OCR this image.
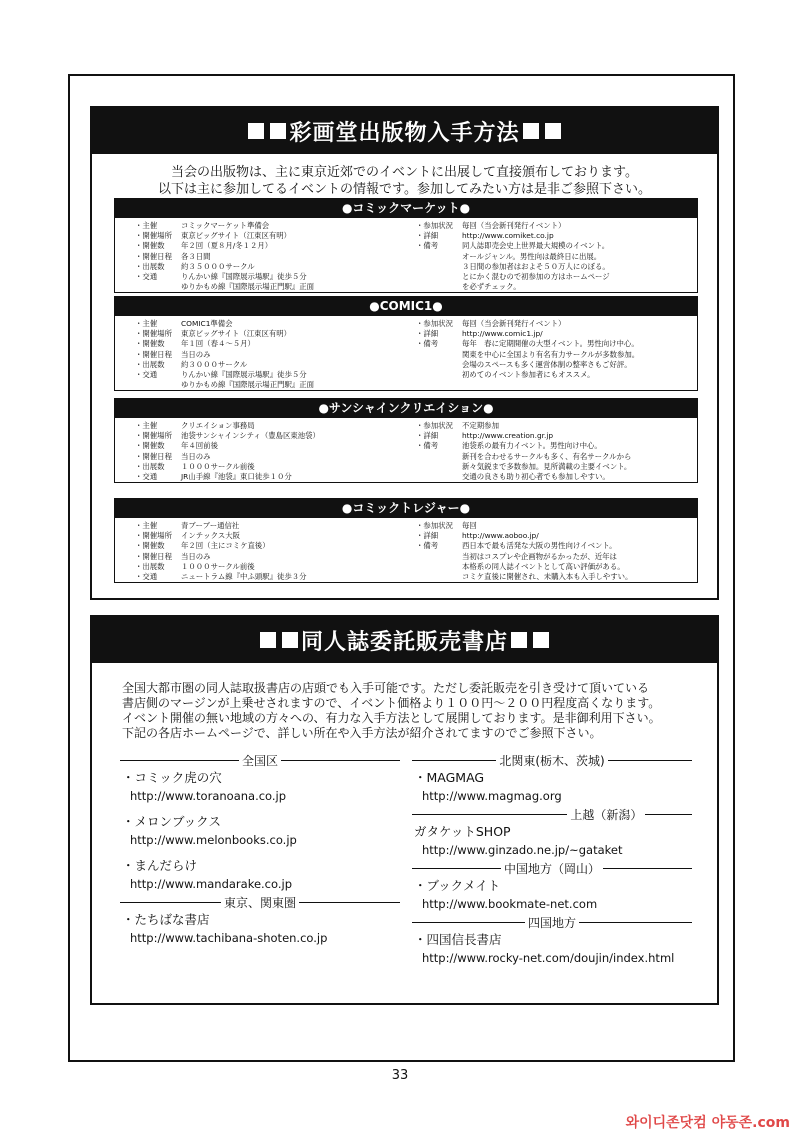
彩画堂出版物入手方法
当会の出版物は、主に東京近郊でのイベントに出展して直接頒布しております。
以下は主に参加してるイベントの情報です。参加してみたい方は是非ご参照下さい。
●コミックマーケット●
・主催	コミックマーケット準備会
・開催場所	東京ビッグサイト（江東区有明）
・開催数	年２回（夏８月/冬１２月）
・開催日程	各３日間
・出展数	約３５０００サークル
・交通	りんかい線『国際展示場駅』徒歩５分
ゆりかもめ線『国際展示場正門駅』正面
・参加状況	毎回（当会新刊発行イベント）
・詳細	http://www.comiket.co.jp
・備考	同人誌即売会史上世界最大規模のイベント。
オールジャンル。男性向は最終日に出展。
３日間の参加者はおよそ５０万人にのぼる。
とにかく混むので初参加の方はホームページ
を必ずチェック。
●COMIC1●
・主催	COMIC1準備会
・開催場所	東京ビッグサイト（江東区有明）
・開催数	年１回（春４～５月）
・開催日程	当日のみ
・出展数	約３０００サークル
・交通	りんかい線『国際展示場駅』徒歩５分
ゆりかもめ線『国際展示場正門駅』正面
・参加状況	毎回（当会新刊発行イベント）
・詳細	http://www.comic1.jp/
・備考	毎年　春に定期開催の大型イベント。男性向け中心。
関東を中心に全国より有名有力サークルが多数参加。
会場のスペースも多く運営体制の整率さもご好評。
初めてのイベント参加者にもオススメ。
●サンシャインクリエイション●
・主催	クリエイション事務局
・開催場所	池袋サンシャインシティ（豊島区東池袋）
・開催数	年４回前後
・開催日程	当日のみ
・出展数	１０００サークル前後
・交通	JR山手線『池袋』東口徒歩１０分
・参加状況	不定期参加
・詳細	http://www.creation.gr.jp
・備考	池袋系の最有力イベント。男性向け中心。
新刊を合わせるサークルも多く、有名サークルから
新々気鋭まで多数参加。見所満載の主要イベント。
交通の良さも助り初心者でも参加しやすい。
●コミックトレジャー●
・主催	青ブーブー通信社
・開催場所	インテックス大阪
・開催数	年２回（主にコミケ直後）
・開催日程	当日のみ
・出展数	１０００サークル前後
・交通	ニュートラム線『中ふ頭駅』徒歩３分
・参加状況	毎回
・詳細	http://www.aoboo.jp/
・備考	西日本で最も活発な大阪の男性向けイベント。
当初はコスプレや企画物がるかったが、近年は
本格系の同人誌イベントとして高い評価がある。
コミケ直後に開催され、未購入本も入手しやすい。
同人誌委託販売書店
全国大都市圏の同人誌取扱書店の店頭でも入手可能です。ただし委託販売を引き受けて頂いている
書店側のマージンが上乗せされますので、イベント価格より１００円～２００円程度高くなります。
イベント開催の無い地域の方々への、有力な入手方法として展開しております。是非御利用下さい。
下記の各店ホームページで、詳しい所在や入手方法が紹介されてますのでご参照下さい。
全国区
・コミック虎の穴
http://www.toranoana.co.jp
・メロンブックス
http://www.melonbooks.co.jp
・まんだらけ
http://www.mandarake.co.jp
東京、関東圏
・たちばな書店
http://www.tachibana-shoten.co.jp
北関東(栃木、茨城)
・MAGMAG
http://www.magmag.org
上越（新潟）
ガタケットSHOP
http://www.ginzado.ne.jp/~gataket
中国地方（岡山）
・ブックメイト
http://www.bookmate-net.com
四国地方
・四国信長書店
http://www.rocky-net.com/doujin/index.html
33
와이디존닷컴 야동존.com
